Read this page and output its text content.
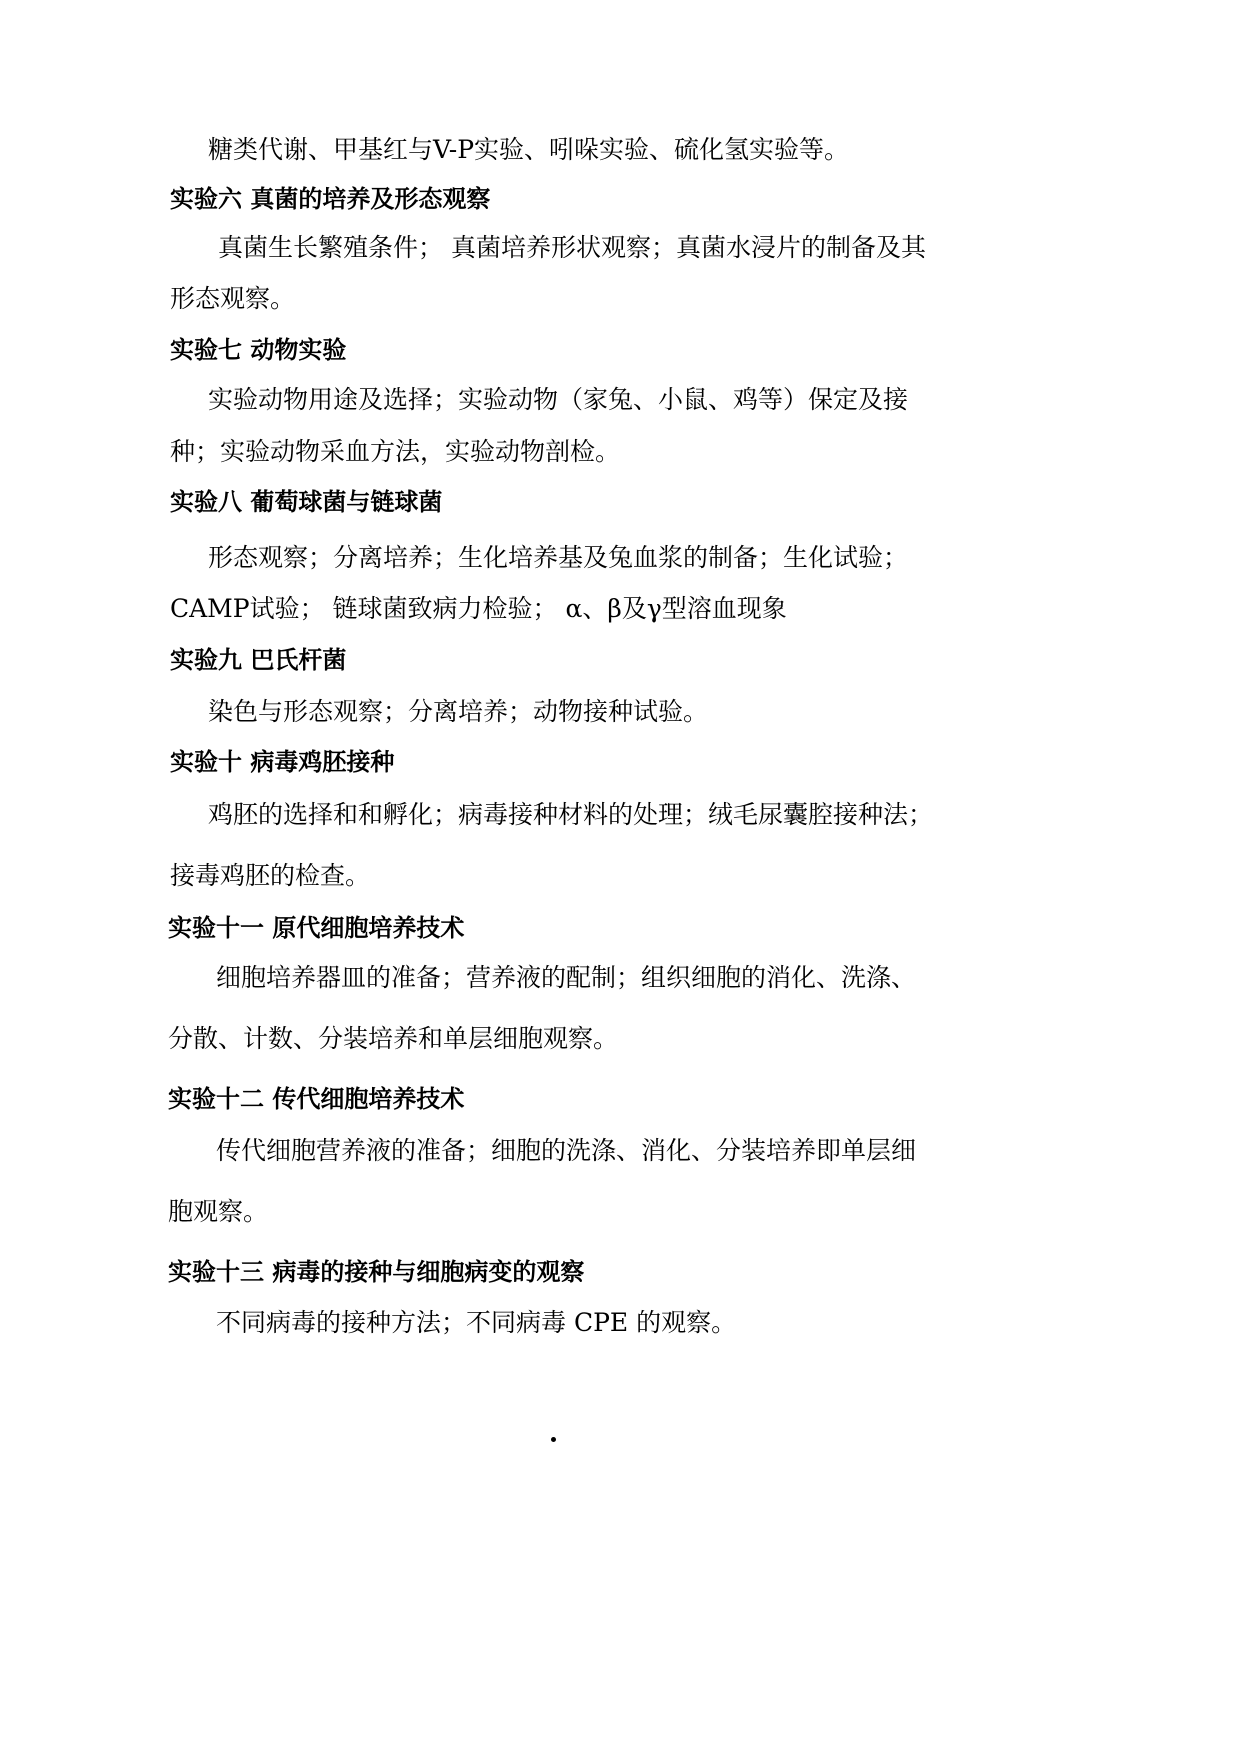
糖类代谢、甲基红与V-P实验、吲哚实验、硫化氢实验等。
实验六 真菌的培养及形态观察
真菌生长繁殖条件； 真菌培养形状观察；真菌水浸片的制备及其
形态观察。
实验七 动物实验
实验动物用途及选择；实验动物（家兔、小鼠、鸡等）保定及接
种；实验动物采血方法，实验动物剖检。
实验八 葡萄球菌与链球菌
形态观察；分离培养；生化培养基及兔血浆的制备；生化试验；
CAMP试验； 链球菌致病力检验； α、β及γ型溶血现象
实验九 巴氏杆菌
染色与形态观察；分离培养；动物接种试验。
实验十 病毒鸡胚接种
鸡胚的选择和和孵化；病毒接种材料的处理；绒毛尿囊腔接种法；
接毒鸡胚的检查。
实验十一 原代细胞培养技术
细胞培养器皿的准备；营养液的配制；组织细胞的消化、洗涤、
分散、计数、分装培养和单层细胞观察。
实验十二 传代细胞培养技术
传代细胞营养液的准备；细胞的洗涤、消化、分装培养即单层细
胞观察。
实验十三 病毒的接种与细胞病变的观察
不同病毒的接种方法；不同病毒 CPE 的观察。
